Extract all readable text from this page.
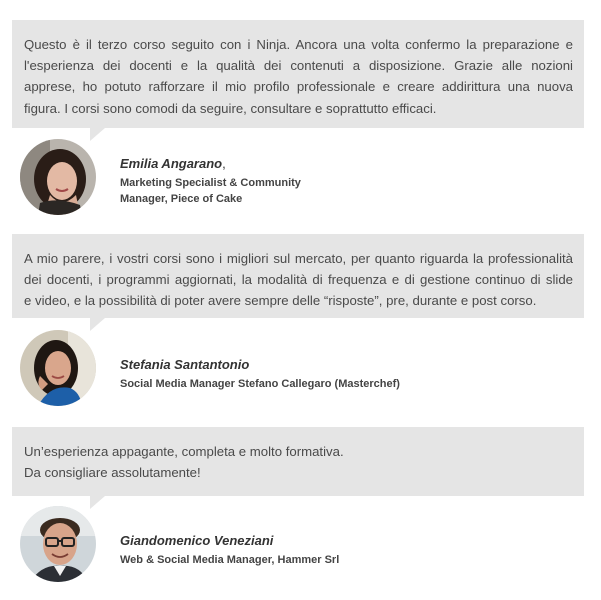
Questo è il terzo corso seguito con i Ninja. Ancora una volta confermo la preparazione e
l'esperienza dei docenti e la qualità dei contenuti a disposizione. Grazie alle nozioni
apprese, ho potuto rafforzare il mio profilo professionale e creare addirittura una nuova
figura. I corsi sono comodi da seguire, consultare e soprattutto efficaci.
Emilia Angarano,
Marketing Specialist & Community
Manager, Piece of Cake
A mio parere, i vostri corsi sono i migliori sul mercato, per quanto riguarda la professionalità
dei docenti, i programmi aggiornati, la modalità di frequenza e di gestione continuo di slide
e video, e la possibilità di poter avere sempre delle “risposte”, pre, durante e post corso.
Stefania Santantonio
Social Media Manager Stefano Callegaro (Masterchef)
Un’esperienza appagante, completa e molto formativa.
Da consigliare assolutamente!
Giandomenico Veneziani
Web & Social Media Manager, Hammer Srl
